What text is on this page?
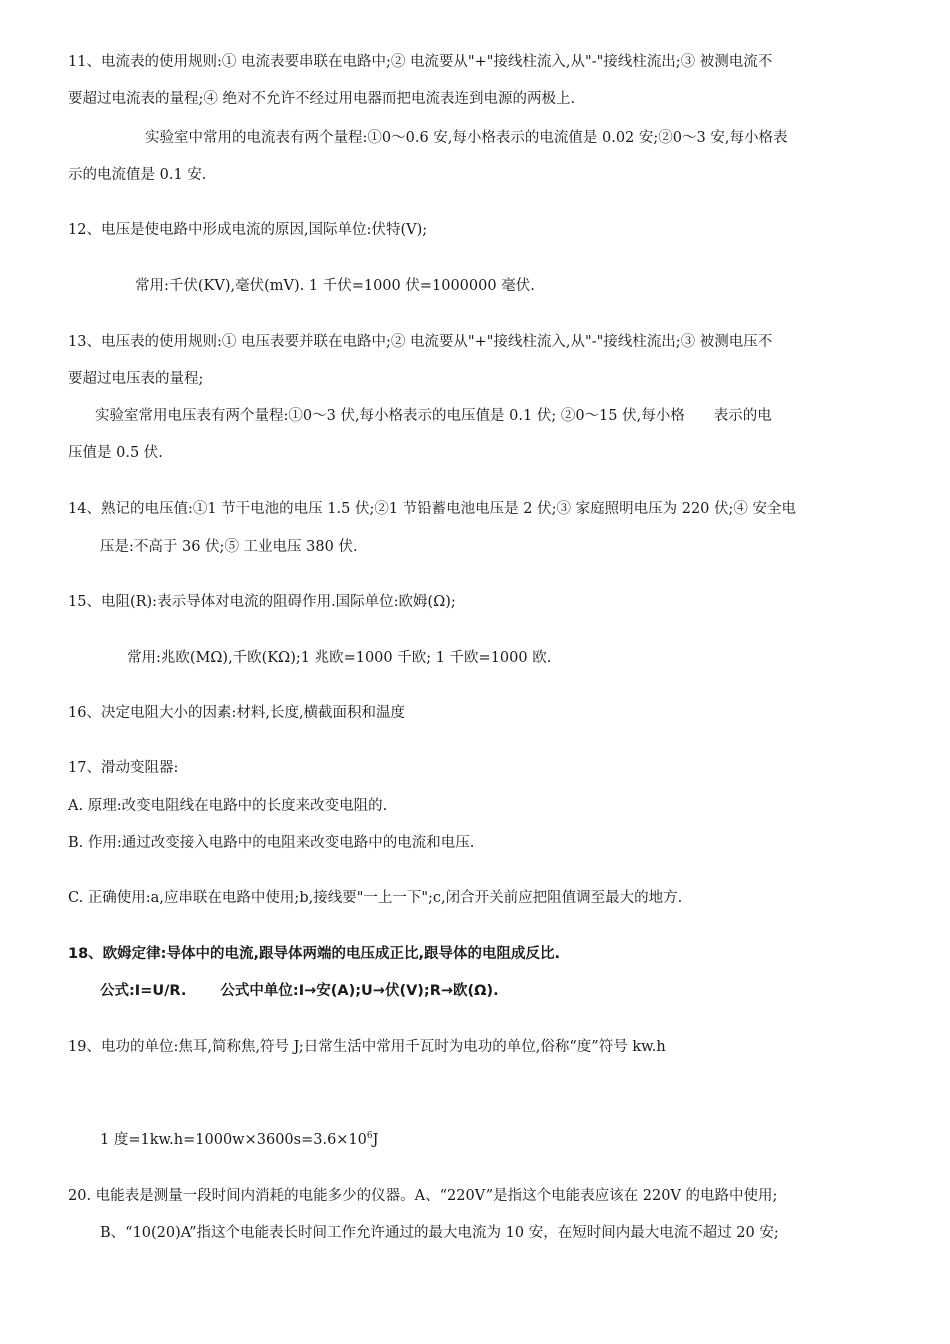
11、电流表的使用规则:① 电流表要串联在电路中;② 电流要从"+"接线柱流入,从"-"接线柱流出;③ 被测电流不
要超过电流表的量程;④ 绝对不允许不经过用电器而把电流表连到电源的两极上.
实验室中常用的电流表有两个量程:①0～0.6 安,每小格表示的电流值是 0.02 安;②0～3 安,每小格表
示的电流值是 0.1 安.
12、电压是使电路中形成电流的原因,国际单位:伏特(V);
常用:千伏(KV),毫伏(mV). 1 千伏=1000 伏=1000000 毫伏.
13、电压表的使用规则:① 电压表要并联在电路中;② 电流要从"+"接线柱流入,从"-"接线柱流出;③ 被测电压不
要超过电压表的量程;
实验室常用电压表有两个量程:①0～3 伏,每小格表示的电压值是 0.1 伏; ②0～15 伏,每小格　　表示的电
压值是 0.5 伏.
14、熟记的电压值:①1 节干电池的电压 1.5 伏;②1 节铅蓄电池电压是 2 伏;③ 家庭照明电压为 220 伏;④ 安全电
压是:不高于 36 伏;⑤ 工业电压 380 伏.
15、电阻(R):表示导体对电流的阻碍作用.国际单位:欧姆(Ω);
常用:兆欧(MΩ),千欧(KΩ);1 兆欧=1000 千欧; 1 千欧=1000 欧.
16、决定电阻大小的因素:材料,长度,横截面积和温度
17、滑动变阻器:
A. 原理:改变电阻线在电路中的长度来改变电阻的.
B. 作用:通过改变接入电路中的电阻来改变电路中的电流和电压.
C. 正确使用:a,应串联在电路中使用;b,接线要"一上一下";c,闭合开关前应把阻值调至最大的地方.
18、欧姆定律:导体中的电流,跟导体两端的电压成正比,跟导体的电阻成反比.
公式:I=U/R.　　 公式中单位:I→安(A);U→伏(V);R→欧(Ω).
19、电功的单位:焦耳,简称焦,符号 J;日常生活中常用千瓦时为电功的单位,俗称“度”符号 kw.h
1 度$=1kw.h=1000w\times 3600s=3.6\times 10^6J$
20. 电能表是测量一段时间内消耗的电能多少的仪器。A、“220V”是指这个电能表应该在 220V 的电路中使用;
B、“10(20)A”指这个电能表长时间工作允许通过的最大电流为 10 安，在短时间内最大电流不超过 20 安;
